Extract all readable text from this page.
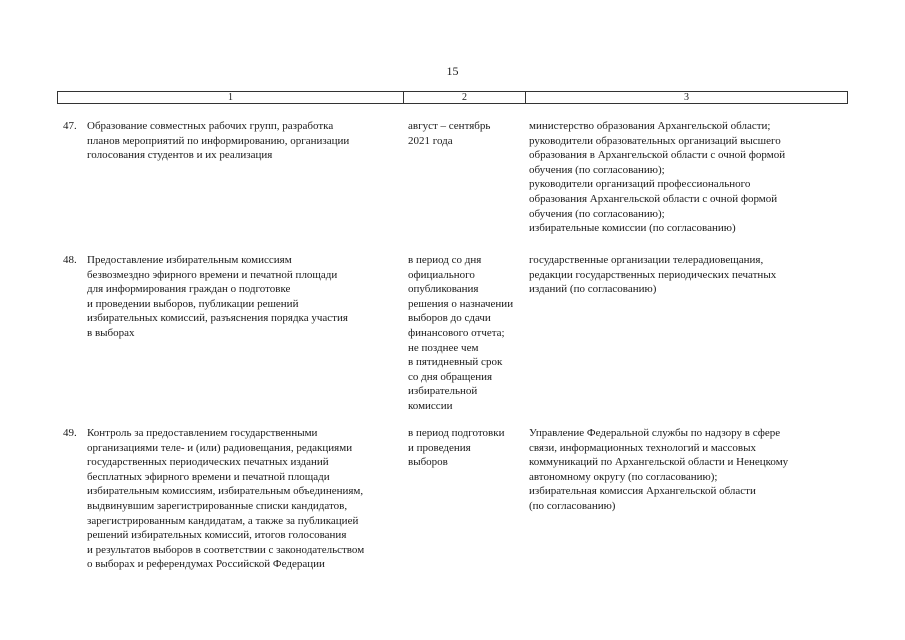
15
1	2	3
47. Образование совместных рабочих групп, разработка
планов мероприятий по информированию, организации
голосования студентов и их реализация
август – сентябрь
2021 года
министерство образования Архангельской области;
руководители образовательных организаций высшего
образования в Архангельской области с очной формой
обучения (по согласованию);
руководители организаций профессионального
образования Архангельской области с очной формой
обучения (по согласованию);
избирательные комиссии (по согласованию)
48. Предоставление избирательным комиссиям
безвозмездно эфирного времени и печатной площади
для информирования граждан о подготовке
и проведении выборов, публикации решений
избирательных комиссий, разъяснения порядка участия
в выборах
в период со дня
официального
опубликования
решения о назначении
выборов до сдачи
финансового отчета;
не позднее чем
в пятидневный срок
со дня обращения
избирательной
комиссии
государственные организации телерадиовещания,
редакции государственных периодических печатных
изданий (по согласованию)
49. Контроль за предоставлением государственными
организациями теле- и (или) радиовещания, редакциями
государственных периодических печатных изданий
бесплатных эфирного времени и печатной площади
избирательным комиссиям, избирательным объединениям,
выдвинувшим зарегистрированные списки кандидатов,
зарегистрированным кандидатам, а также за публикацией
решений избирательных комиссий, итогов голосования
и результатов выборов в соответствии с законодательством
о выборах и референдумах Российской Федерации
в период подготовки
и проведения
выборов
Управление Федеральной службы по надзору в сфере
связи, информационных технологий и массовых
коммуникаций по Архангельской области и Ненецкому
автономному округу (по согласованию);
избирательная комиссия Архангельской области
(по согласованию)
